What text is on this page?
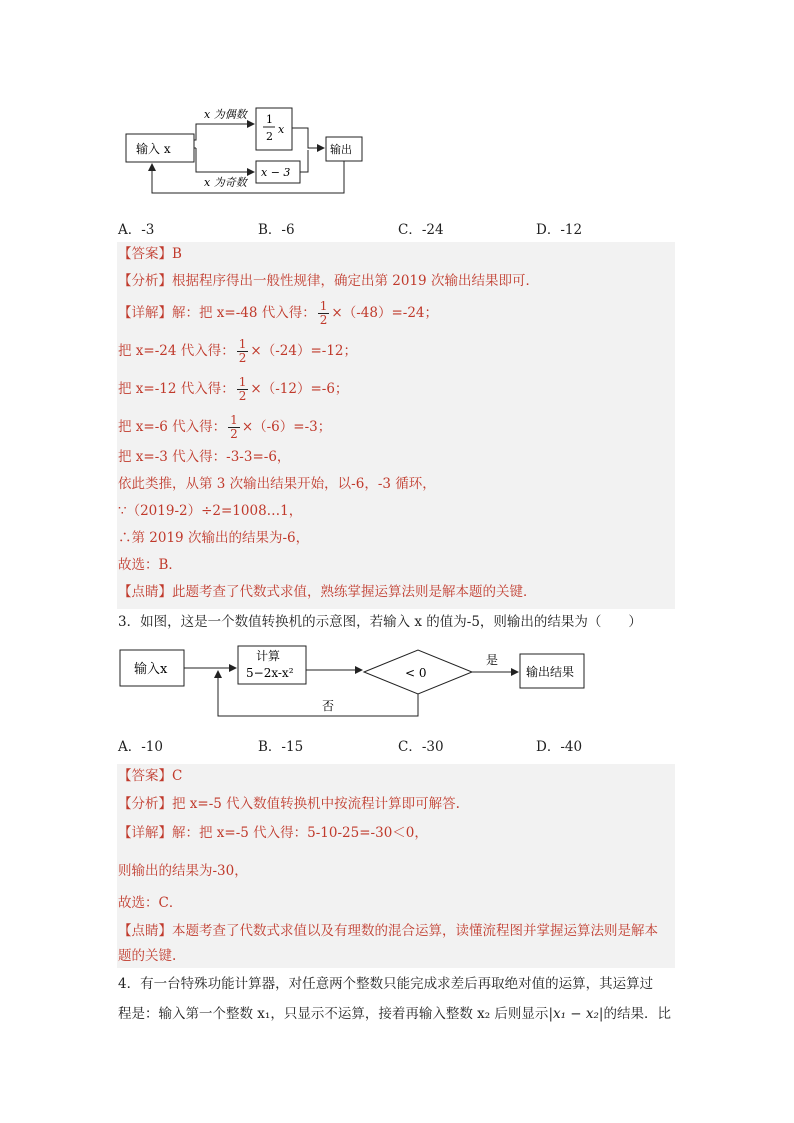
输入 x
x 为偶数
x 为奇数
1
2
x
x − 3
输出
A．-3	B．-6	C．-24	D．-12
【答案】B
【分析】根据程序得出一般性规律，确定出第 2019 次输出结果即可．
【详解】解：把 x=-48 代入得： $\frac{1}{2} \times(-48)=-24$；
把 x=-24 代入得： $\frac{1}{2} \times(-24)=-12$；
把 x=-12 代入得： $\frac{1}{2} \times(-12)=-6$；
把 x=-6 代入得： $\frac{1}{2} \times(-6)=-3$；
把 x=-3 代入得：-3-3=-6，
依此类推，从第 3 次输出结果开始，以-6，-3 循环，
∵（2019-2）÷2=1008…1，
∴第 2019 次输出的结果为-6，
故选：B．
【点睛】此题考查了代数式求值，熟练掌握运算法则是解本题的关键．
3．如图，这是一个数值转换机的示意图，若输入 x 的值为-5，则输出的结果为（　　）
输入x
计算
5−2x-x²	< 0
是
输出结果
否
A．-10	B．-15	C．-30	D．-40
【答案】C
【分析】把 x=-5 代入数值转换机中按流程计算即可解答.
【详解】解：把 x=-5 代入得：5-10-25=-30＜0，
则输出的结果为-30，
故选：C．
【点睛】本题考查了代数式求值以及有理数的混合运算，读懂流程图并掌握运算法则是解本
题的关键.
4．有一台特殊功能计算器，对任意两个整数只能完成求差后再取绝对值的运算，其运算过
程是：输入第一个整数 x₁，只显示不运算，接着再输入整数 x₂ 后则显示|x₁ − x₂|的结果．比
